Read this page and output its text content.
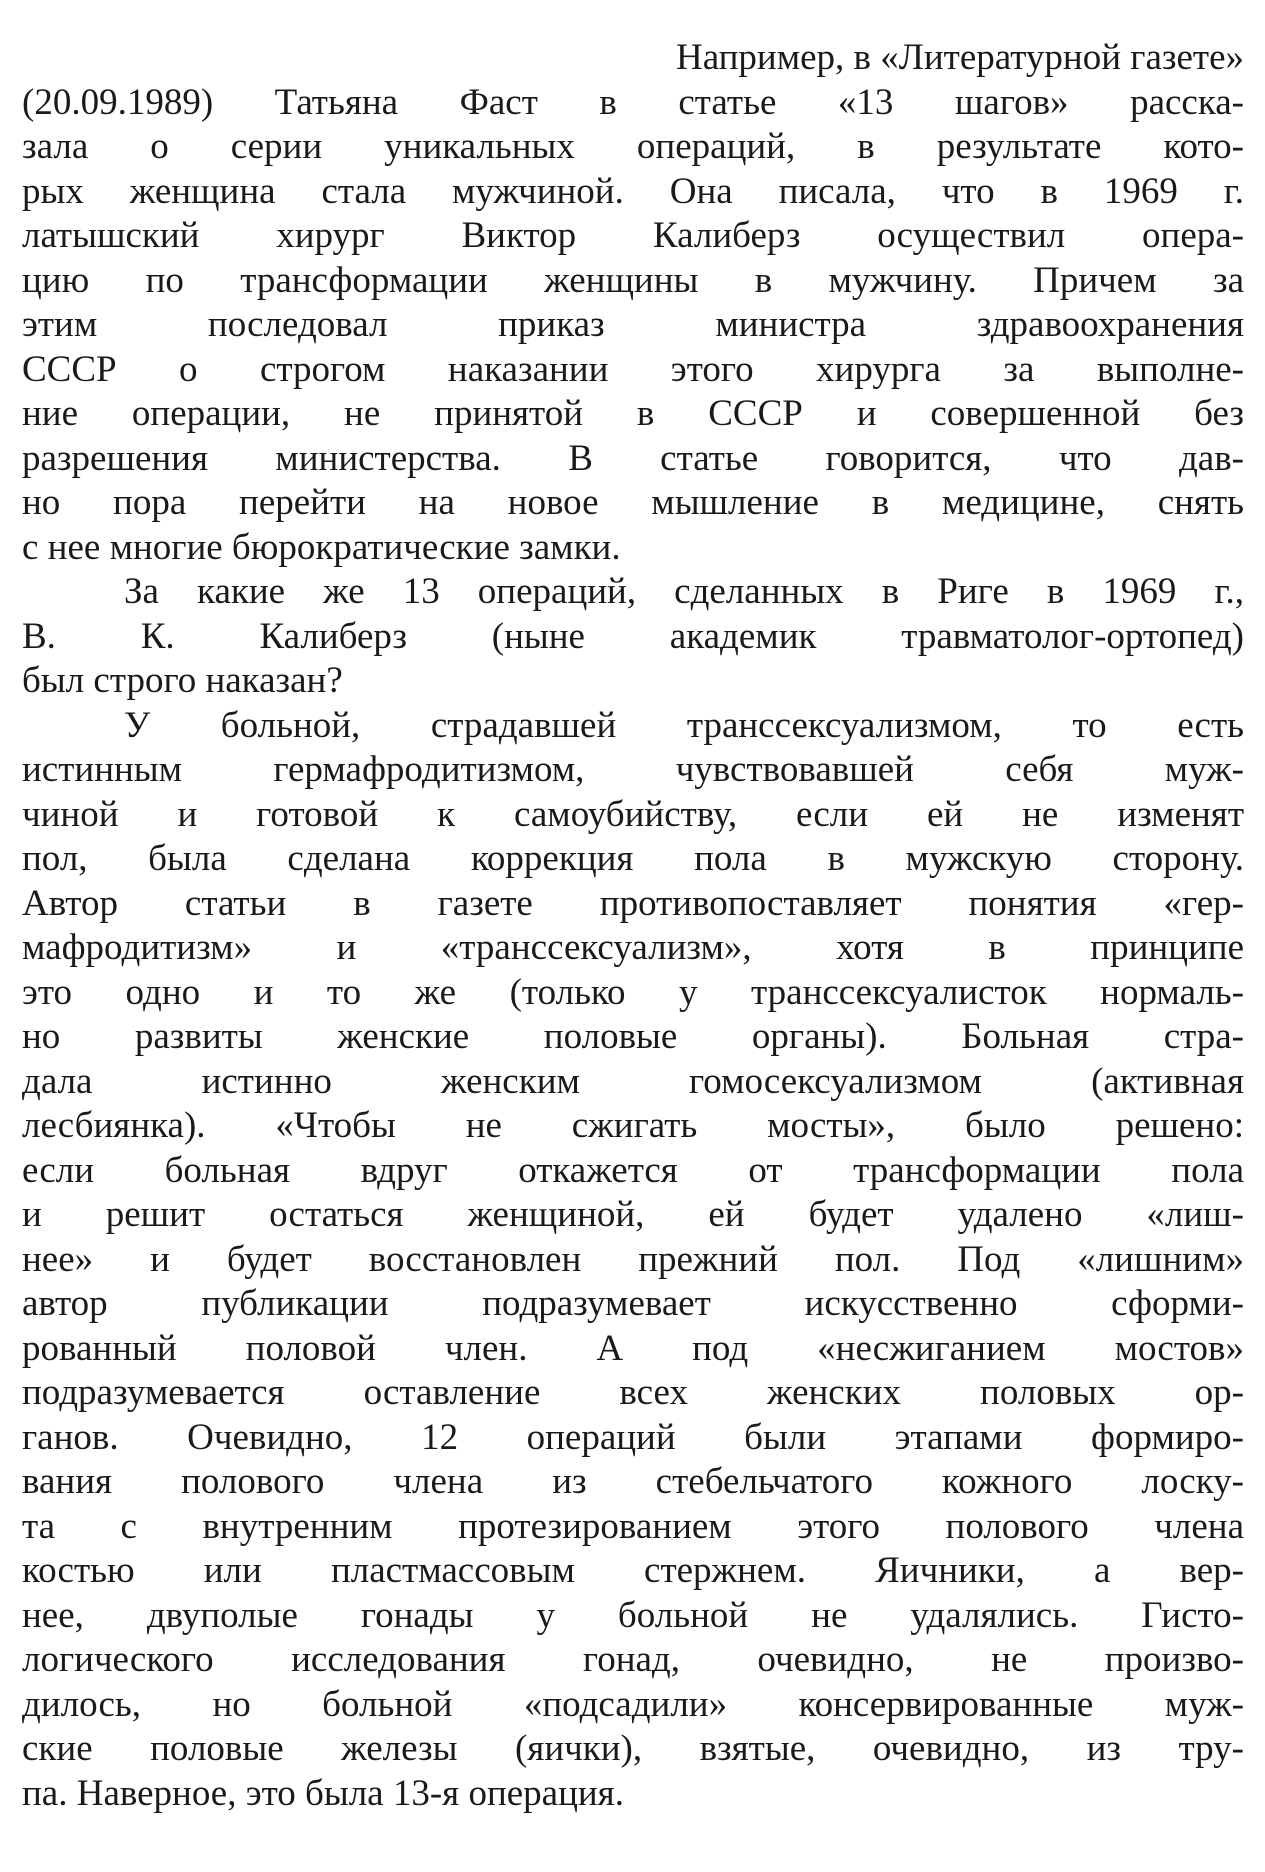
Например, в «Литературной газете»
(20.09.1989) Татьяна Фаст в статье «13 шагов» расска-
зала о серии уникальных операций, в результате кото-
рых женщина стала мужчиной. Она писала, что в 1969 г.
латышский хирург Виктор Калиберз осуществил опера-
цию по трансформации женщины в мужчину. Причем за
этим последовал приказ министра здравоохранения
СССР о строгом наказании этого хирурга за выполне-
ние операции, не принятой в СССР и совершенной без
разрешения министерства. В статье говорится, что дав-
но пора перейти на новое мышление в медицине, снять
с нее многие бюрократические замки.
За какие же 13 операций, сделанных в Риге в 1969 г.,
В. К. Калиберз (ныне академик травматолог-ортопед)
был строго наказан?
У больной, страдавшей транссексуализмом, то есть
истинным гермафродитизмом, чувствовавшей себя муж-
чиной и готовой к самоубийству, если ей не изменят
пол, была сделана коррекция пола в мужскую сторону.
Автор статьи в газете противопоставляет понятия «гер-
мафродитизм» и «транссексуализм», хотя в принципе
это одно и то же (только у транссексуалисток нормаль-
но развиты женские половые органы). Больная стра-
дала истинно женским гомосексуализмом (активная
лесбиянка). «Чтобы не сжигать мосты», было решено:
если больная вдруг откажется от трансформации пола
и решит остаться женщиной, ей будет удалено «лиш-
нее» и будет восстановлен прежний пол. Под «лишним»
автор публикации подразумевает искусственно сформи-
рованный половой член. А под «несжиганием мостов»
подразумевается оставление всех женских половых ор-
ганов. Очевидно, 12 операций были этапами формиро-
вания полового члена из стебельчатого кожного лоску-
та с внутренним протезированием этого полового члена
костью или пластмассовым стержнем. Яичники, а вер-
нее, двуполые гонады у больной не удалялись. Гисто-
логического исследования гонад, очевидно, не произво-
дилось, но больной «подсадили» консервированные муж-
ские половые железы (яички), взятые, очевидно, из тру-
па. Наверное, это была 13-я операция.
